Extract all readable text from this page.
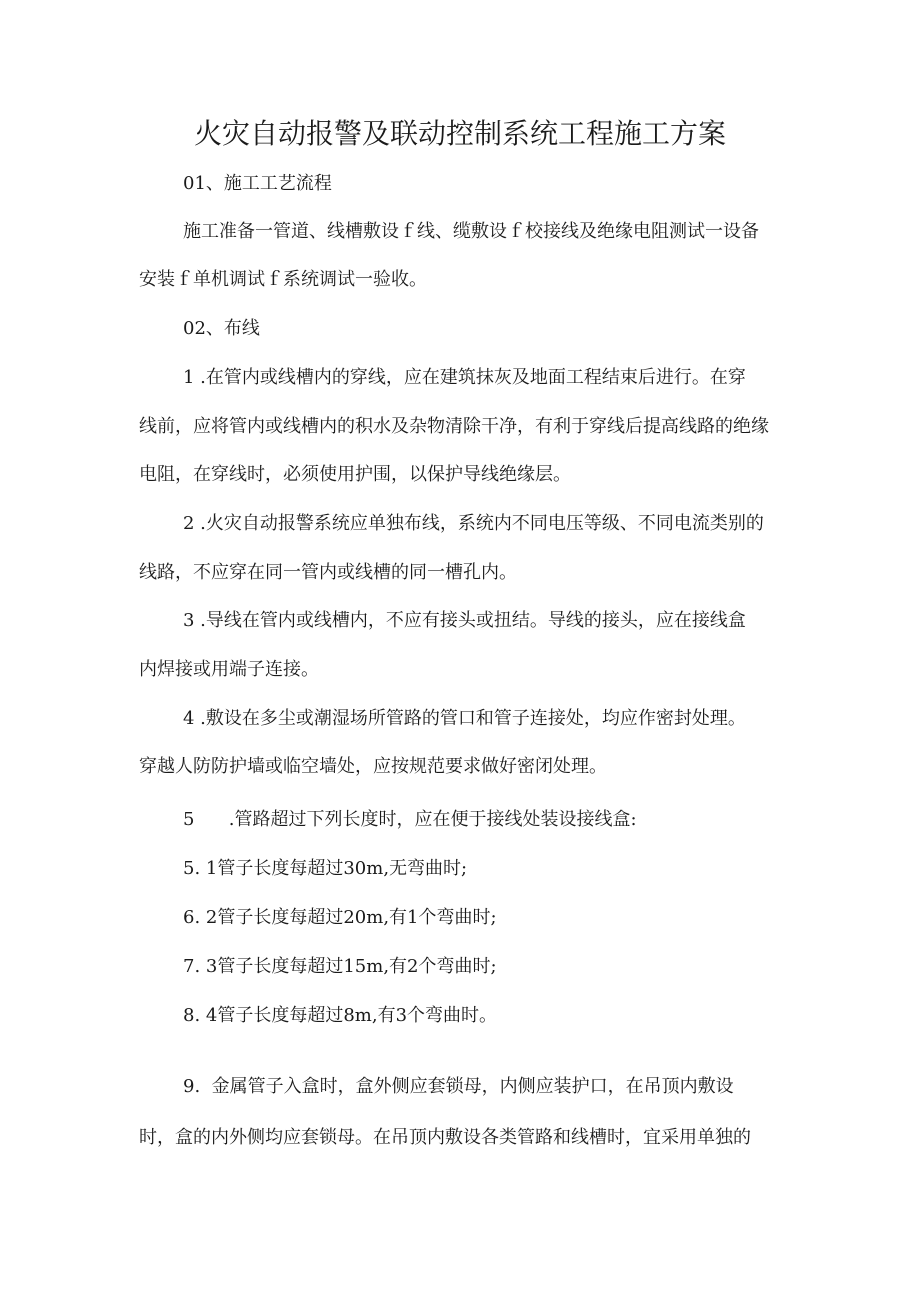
火灾自动报警及联动控制系统工程施工方案
01、施工工艺流程
施工准备一管道、线槽敷设ｆ线、缆敷设ｆ校接线及绝缘电阻测试一设备
安装ｆ单机调试ｆ系统调试一验收。
02、布线
1 .在管内或线槽内的穿线，应在建筑抹灰及地面工程结束后进行。在穿
线前，应将管内或线槽内的积水及杂物清除干净，有利于穿线后提高线路的绝缘
电阻，在穿线时，必须使用护围，以保护导线绝缘层。
2 .火灾自动报警系统应单独布线，系统内不同电压等级、不同电流类别的
线路，不应穿在同一管内或线槽的同一槽孔内。
3 .导线在管内或线槽内，不应有接头或扭结。导线的接头，应在接线盒
内焊接或用端子连接。
4 .敷设在多尘或潮湿场所管路的管口和管子连接处，均应作密封处理。
穿越人防防护墙或临空墙处，应按规范要求做好密闭处理。
5      .管路超过下列长度时，应在便于接线处装设接线盒:
5. 1管子长度每超过30m,无弯曲时;
6. 2管子长度每超过20m,有1个弯曲时;
7. 3管子长度每超过15m,有2个弯曲时;
8. 4管子长度每超过8m,有3个弯曲时。
9.  金属管子入盒时，盒外侧应套锁母，内侧应装护口，在吊顶内敷设
时，盒的内外侧均应套锁母。在吊顶内敷设各类管路和线槽时，宜采用单独的
